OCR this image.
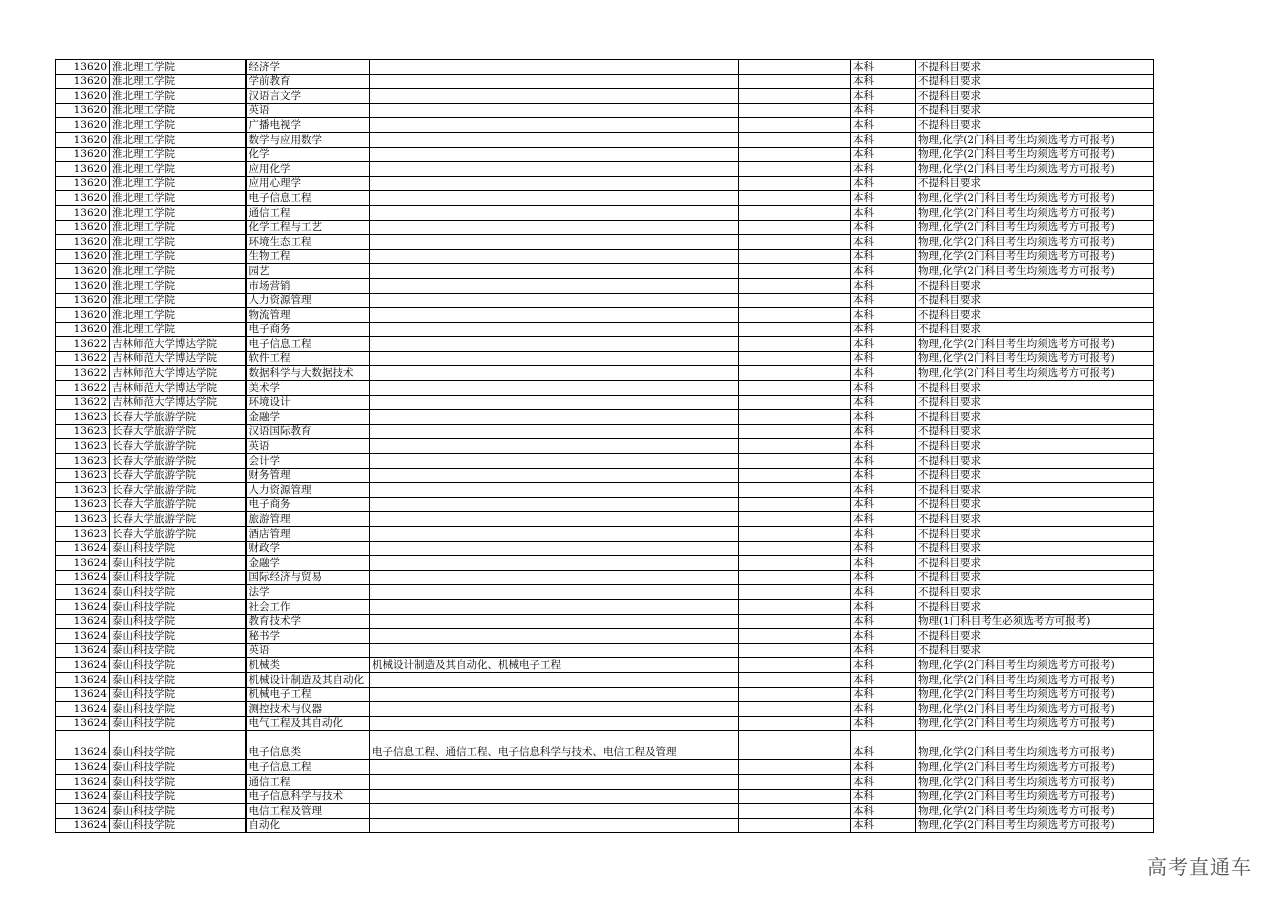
13620	淮北理工学院	经济学			本科	不提科目要求
13620	淮北理工学院	学前教育			本科	不提科目要求
13620	淮北理工学院	汉语言文学			本科	不提科目要求
13620	淮北理工学院	英语			本科	不提科目要求
13620	淮北理工学院	广播电视学			本科	不提科目要求
13620	淮北理工学院	数学与应用数学			本科	物理,化学(2门科目考生均须选考方可报考)
13620	淮北理工学院	化学			本科	物理,化学(2门科目考生均须选考方可报考)
13620	淮北理工学院	应用化学			本科	物理,化学(2门科目考生均须选考方可报考)
13620	淮北理工学院	应用心理学			本科	不提科目要求
13620	淮北理工学院	电子信息工程			本科	物理,化学(2门科目考生均须选考方可报考)
13620	淮北理工学院	通信工程			本科	物理,化学(2门科目考生均须选考方可报考)
13620	淮北理工学院	化学工程与工艺			本科	物理,化学(2门科目考生均须选考方可报考)
13620	淮北理工学院	环境生态工程			本科	物理,化学(2门科目考生均须选考方可报考)
13620	淮北理工学院	生物工程			本科	物理,化学(2门科目考生均须选考方可报考)
13620	淮北理工学院	园艺			本科	物理,化学(2门科目考生均须选考方可报考)
13620	淮北理工学院	市场营销			本科	不提科目要求
13620	淮北理工学院	人力资源管理			本科	不提科目要求
13620	淮北理工学院	物流管理			本科	不提科目要求
13620	淮北理工学院	电子商务			本科	不提科目要求
13622	吉林师范大学博达学院	电子信息工程			本科	物理,化学(2门科目考生均须选考方可报考)
13622	吉林师范大学博达学院	软件工程			本科	物理,化学(2门科目考生均须选考方可报考)
13622	吉林师范大学博达学院	数据科学与大数据技术			本科	物理,化学(2门科目考生均须选考方可报考)
13622	吉林师范大学博达学院	美术学			本科	不提科目要求
13622	吉林师范大学博达学院	环境设计			本科	不提科目要求
13623	长春大学旅游学院	金融学			本科	不提科目要求
13623	长春大学旅游学院	汉语国际教育			本科	不提科目要求
13623	长春大学旅游学院	英语			本科	不提科目要求
13623	长春大学旅游学院	会计学			本科	不提科目要求
13623	长春大学旅游学院	财务管理			本科	不提科目要求
13623	长春大学旅游学院	人力资源管理			本科	不提科目要求
13623	长春大学旅游学院	电子商务			本科	不提科目要求
13623	长春大学旅游学院	旅游管理			本科	不提科目要求
13623	长春大学旅游学院	酒店管理			本科	不提科目要求
13624	泰山科技学院	财政学			本科	不提科目要求
13624	泰山科技学院	金融学			本科	不提科目要求
13624	泰山科技学院	国际经济与贸易			本科	不提科目要求
13624	泰山科技学院	法学			本科	不提科目要求
13624	泰山科技学院	社会工作			本科	不提科目要求
13624	泰山科技学院	教育技术学			本科	物理(1门科目考生必须选考方可报考)
13624	泰山科技学院	秘书学			本科	不提科目要求
13624	泰山科技学院	英语			本科	不提科目要求
13624	泰山科技学院	机械类	机械设计制造及其自动化、机械电子工程		本科	物理,化学(2门科目考生均须选考方可报考)
13624	泰山科技学院	机械设计制造及其自动化			本科	物理,化学(2门科目考生均须选考方可报考)
13624	泰山科技学院	机械电子工程			本科	物理,化学(2门科目考生均须选考方可报考)
13624	泰山科技学院	测控技术与仪器			本科	物理,化学(2门科目考生均须选考方可报考)
13624	泰山科技学院	电气工程及其自动化			本科	物理,化学(2门科目考生均须选考方可报考)
13624	泰山科技学院	电子信息类	电子信息工程、通信工程、电子信息科学与技术、电信工程及管理		本科	物理,化学(2门科目考生均须选考方可报考)
13624	泰山科技学院	电子信息工程			本科	物理,化学(2门科目考生均须选考方可报考)
13624	泰山科技学院	通信工程			本科	物理,化学(2门科目考生均须选考方可报考)
13624	泰山科技学院	电子信息科学与技术			本科	物理,化学(2门科目考生均须选考方可报考)
13624	泰山科技学院	电信工程及管理			本科	物理,化学(2门科目考生均须选考方可报考)
13624	泰山科技学院	自动化			本科	物理,化学(2门科目考生均须选考方可报考)
高考直通车
